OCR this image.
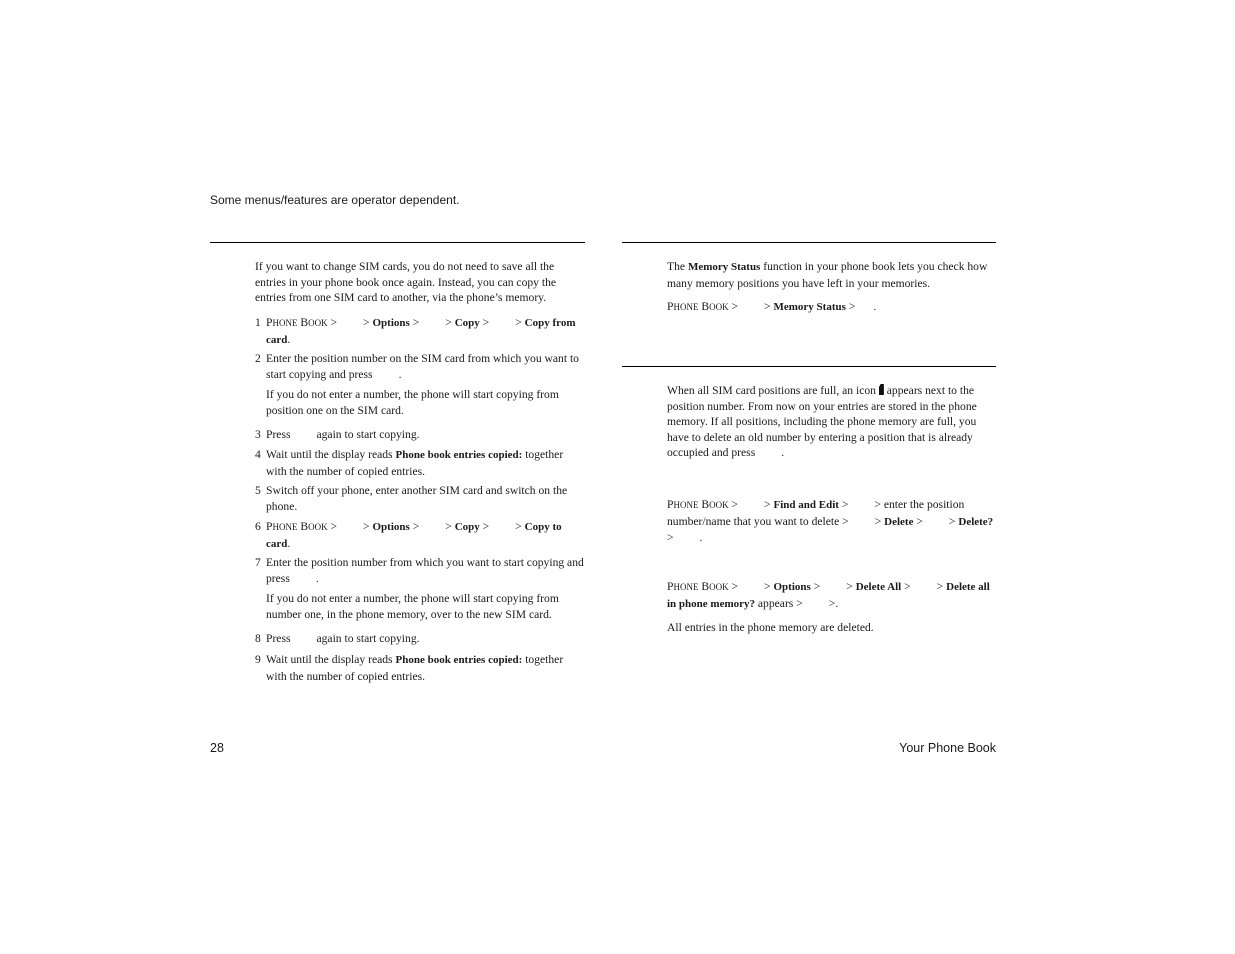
Some menus/features are operator dependent.

If you want to change SIM cards, you do not need to save all the entries in your phone book once again. Instead, you can copy the entries from one SIM card to another, via the phone’s memory.

1 PHONE BOOK > > Options > > Copy > > Copy from card.

2 Enter the position number on the SIM card from which you want to start copying and press .

If you do not enter a number, the phone will start copying from position one on the SIM card.

3 Press again to start copying.

4 Wait until the display reads Phone book entries copied: together with the number of copied entries.

5 Switch off your phone, enter another SIM card and switch on the phone.

6 PHONE BOOK > > Options > > Copy > > Copy to card.

7 Enter the position number from which you want to start copying and press .

If you do not enter a number, the phone will start copying from number one, in the phone memory, over to the new SIM card.

8 Press again to start copying.

9 Wait until the display reads Phone book entries copied: together with the number of copied entries.

The Memory Status function in your phone book lets you check how many memory positions you have left in your memories.

PHONE BOOK > > Memory Status > .

When all SIM card positions are full, an icon appears next to the position number. From now on your entries are stored in the phone memory. If all positions, including the phone memory are full, you have to delete an old number by entering a position that is already occupied and press .

PHONE BOOK > > Find and Edit > > enter the position number/name that you want to delete > > Delete > > Delete? > .

PHONE BOOK > > Options > > Delete All > > Delete all in phone memory? appears > >.

All entries in the phone memory are deleted.

28	Your Phone Book
